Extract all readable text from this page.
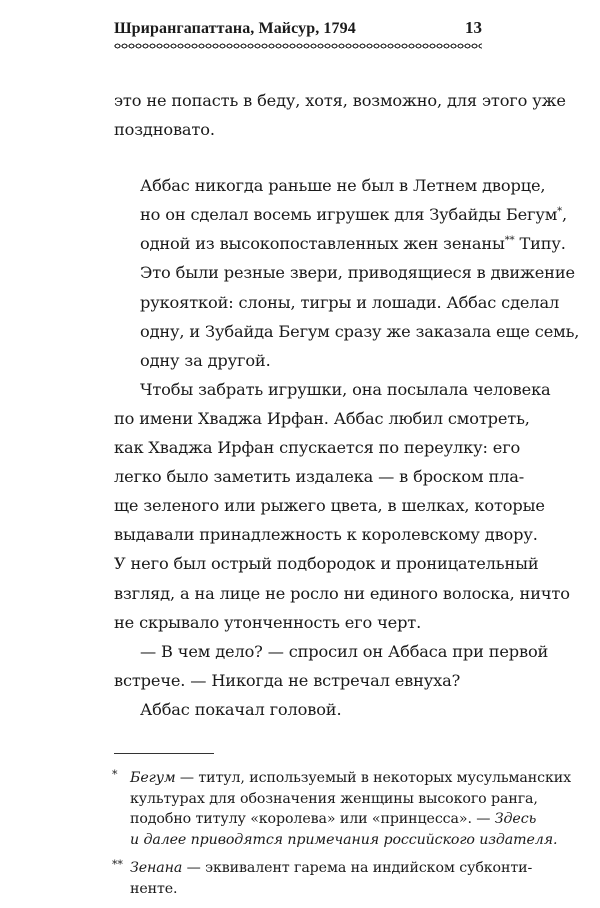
Шрирангапаттана, Майсур, 1794	13

это не попасть в беду, хотя, возможно, для этого уже
поздновато.

Аббас никогда раньше не был в Летнем дворце,
но он сделал восемь игрушек для Зубайды Бегум*,
одной из высокопоставленных жен зенаны** Типу.
Это были резные звери, приводящиеся в движение
рукояткой: слоны, тигры и лошади. Аббас сделал
одну, и Зубайда Бегум сразу же заказала еще семь,
одну за другой.

Чтобы забрать игрушки, она посылала человека
по имени Хваджа Ирфан. Аббас любил смотреть,
как Хваджа Ирфан спускается по переулку: его
легко было заметить издалека — в броском пла-
ще зеленого или рыжего цвета, в шелках, которые
выдавали принадлежность к королевскому двору.
У него был острый подбородок и проницательный
взгляд, а на лице не росло ни единого волоска, ничто
не скрывало утонченность его черт.

— В чем дело? — спросил он Аббаса при первой
встрече. — Никогда не встречал евнуха?

Аббас покачал головой.

* Бегум — титул, используемый в некоторых мусульманских
культурах для обозначения женщины высокого ранга,
подобно титулу «королева» или «принцесса». — Здесь
и далее приводятся примечания российского издателя.
** Зенана — эквивалент гарема на индийском субконти-
ненте.
